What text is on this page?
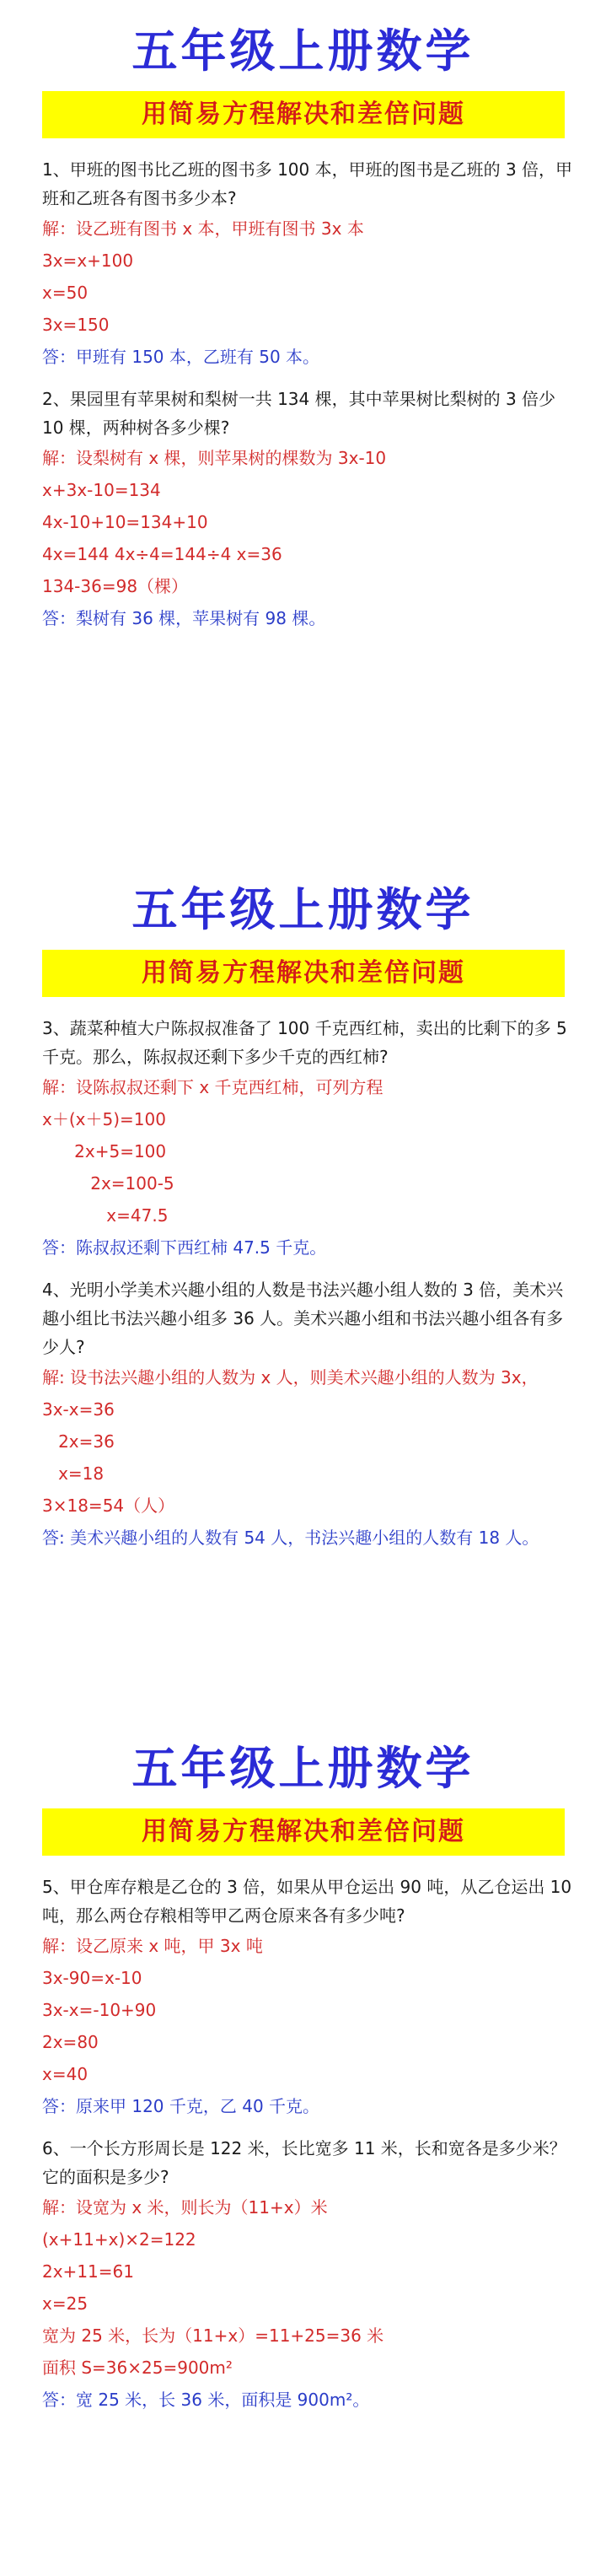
五年级上册数学
用简易方程解决和差倍问题
1、甲班的图书比乙班的图书多 100 本，甲班的图书是乙班的 3 倍，甲班和乙班各有图书多少本?
解：设乙班有图书 x 本，甲班有图书 3x 本
3x=x+100
x=50
3x=150
答：甲班有 150 本，乙班有 50 本。
2、果园里有苹果树和梨树一共 134 棵，其中苹果树比梨树的 3 倍少 10 棵，两种树各多少棵?
解：设梨树有 x 棵，则苹果树的棵数为 3x-10
x+3x-10=134
4x-10+10=134+10
4x=144 4x÷4=144÷4 x=36
134-36=98（棵）
答：梨树有 36 棵，苹果树有 98 棵。
五年级上册数学
用简易方程解决和差倍问题
3、蔬菜种植大户陈叔叔准备了 100 千克西红柿，卖出的比剩下的多 5 千克。那么，陈叔叔还剩下多少千克的西红柿?
解：设陈叔叔还剩下 x 千克西红柿，可列方程
x＋(x＋5)=100
2x+5=100
2x=100-5
x=47.5
答：陈叔叔还剩下西红柿 47.5 千克。
4、光明小学美术兴趣小组的人数是书法兴趣小组人数的 3 倍，美术兴趣小组比书法兴趣小组多 36 人。美术兴趣小组和书法兴趣小组各有多少人?
解: 设书法兴趣小组的人数为 x 人，则美术兴趣小组的人数为 3x，
3x-x=36
2x=36
x=18
3×18=54（人）
答: 美术兴趣小组的人数有 54 人，书法兴趣小组的人数有 18 人。
五年级上册数学
用简易方程解决和差倍问题
5、甲仓库存粮是乙仓的 3 倍，如果从甲仓运出 90 吨，从乙仓运出 10 吨，那么两仓存粮相等甲乙两仓原来各有多少吨?
解：设乙原来 x 吨，甲 3x 吨
3x-90=x-10
3x-x=-10+90
2x=80
x=40
答：原来甲 120 千克，乙 40 千克。
6、一个长方形周长是 122 米，长比宽多 11 米，长和宽各是多少米？它的面积是多少?
解：设宽为 x 米，则长为（11+x）米
(x+11+x)×2=122
2x+11=61
x=25
宽为 25 米，长为（11+x）=11+25=36 米
面积 S=36×25=900m²
答：宽 25 米，长 36 米，面积是 900m²。
